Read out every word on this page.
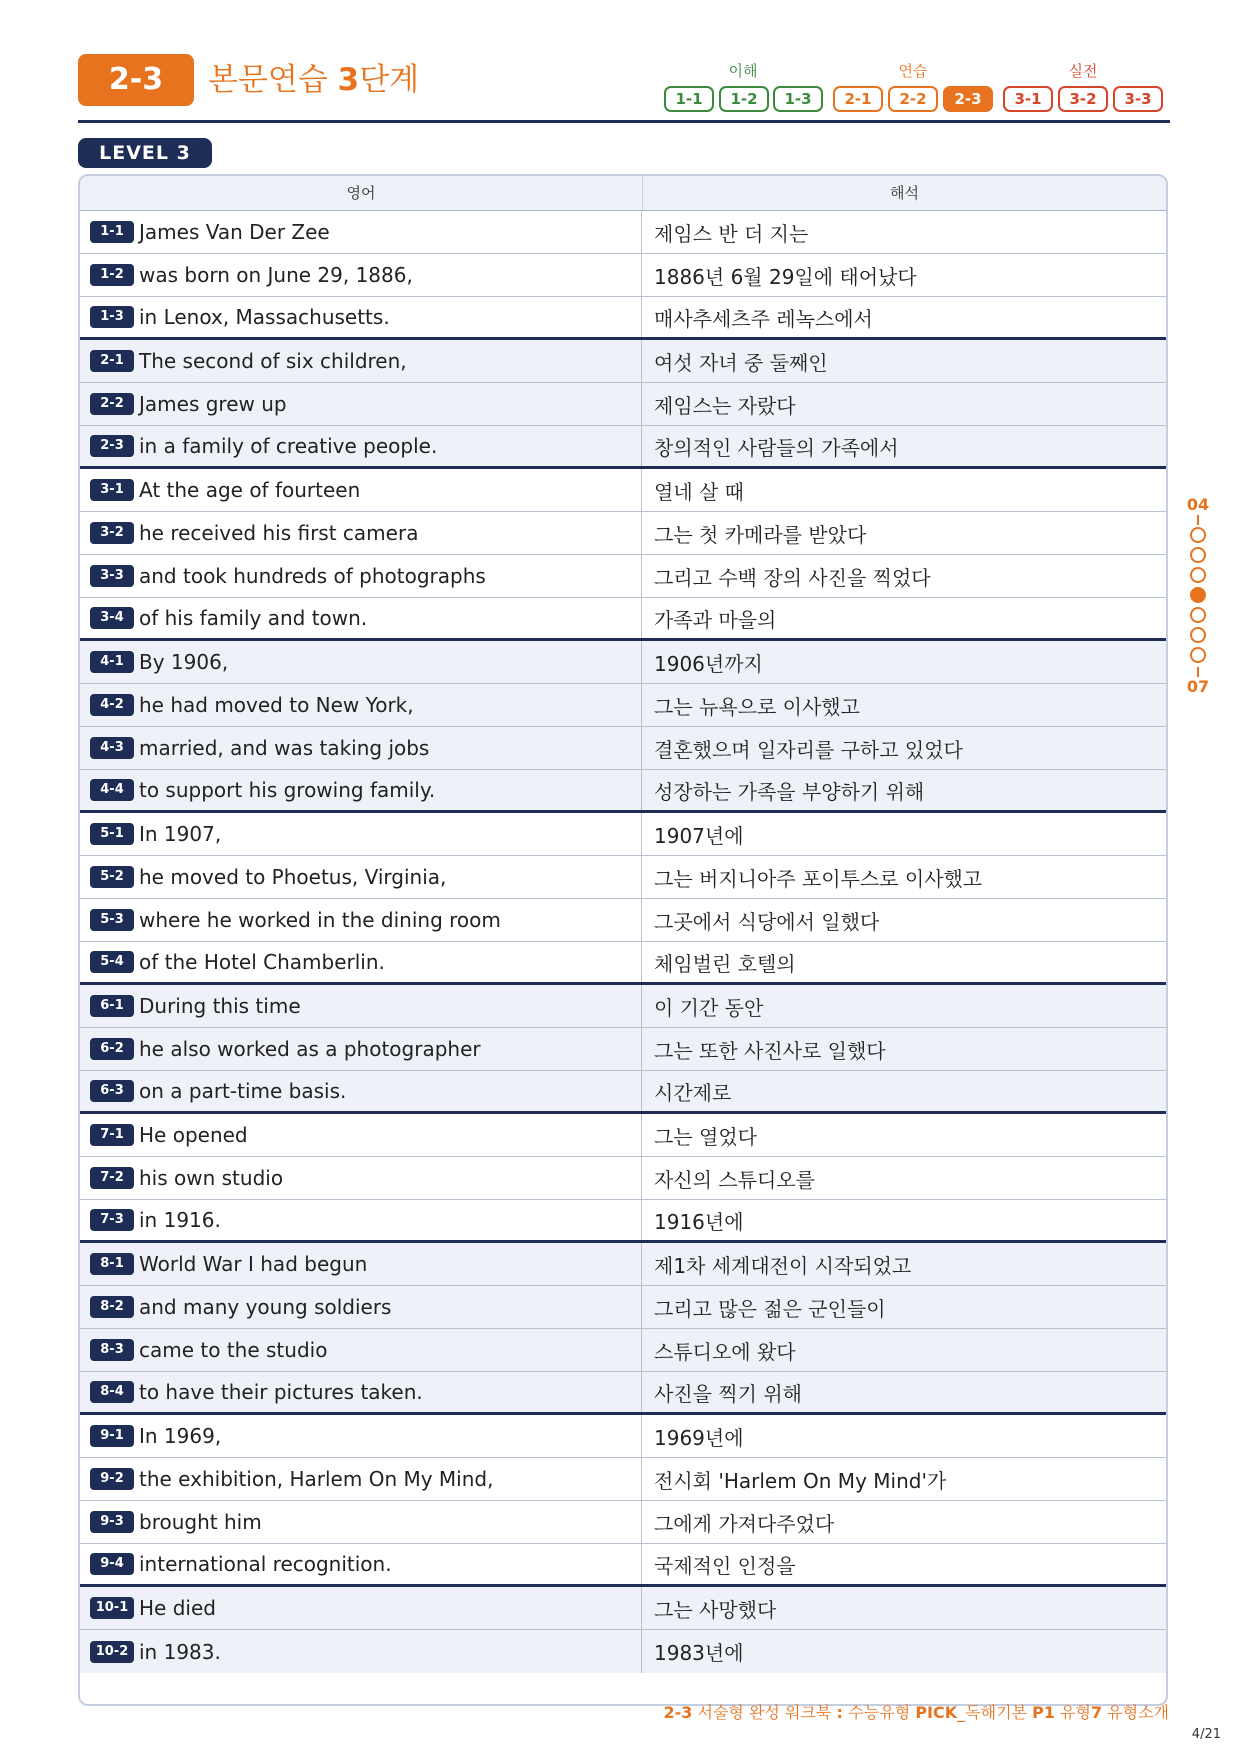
2-3	본문연습 3단계	이해	연습	실전
1-1	1-2	1-3	2-1	2-2	2-3	3-1	3-2	3-3
LEVEL 3
영어	해석
1-1 James Van Der Zee	제임스 반 더 지는
1-2 was born on June 29, 1886,	1886년 6월 29일에 태어났다
1-3 in Lenox, Massachusetts.	매사추세츠주 레녹스에서
2-1 The second of six children,	여섯 자녀 중 둘째인
2-2 James grew up	제임스는 자랐다
2-3 in a family of creative people.	창의적인 사람들의 가족에서
3-1 At the age of fourteen	열네 살 때
3-2 he received his first camera	그는 첫 카메라를 받았다
3-3 and took hundreds of photographs	그리고 수백 장의 사진을 찍었다
3-4 of his family and town.	가족과 마을의
4-1 By 1906,	1906년까지
4-2 he had moved to New York,	그는 뉴욕으로 이사했고
4-3 married, and was taking jobs	결혼했으며 일자리를 구하고 있었다
4-4 to support his growing family.	성장하는 가족을 부양하기 위해
5-1 In 1907,	1907년에
5-2 he moved to Phoetus, Virginia,	그는 버지니아주 포이투스로 이사했고
5-3 where he worked in the dining room	그곳에서 식당에서 일했다
5-4 of the Hotel Chamberlin.	체임벌린 호텔의
6-1 During this time	이 기간 동안
6-2 he also worked as a photographer	그는 또한 사진사로 일했다
6-3 on a part-time basis.	시간제로
7-1 He opened	그는 열었다
7-2 his own studio	자신의 스튜디오를
7-3 in 1916.	1916년에
8-1 World War I had begun	제1차 세계대전이 시작되었고
8-2 and many young soldiers	그리고 많은 젊은 군인들이
8-3 came to the studio	스튜디오에 왔다
8-4 to have their pictures taken.	사진을 찍기 위해
9-1 In 1969,	1969년에
9-2 the exhibition, Harlem On My Mind,	전시회 'Harlem On My Mind'가
9-3 brought him	그에게 가져다주었다
9-4 international recognition.	국제적인 인정을
10-1 He died	그는 사망했다
10-2 in 1983.	1983년에
04
07
2-3 서술형 완성 워크북 : 수능유형 PICK_독해기본 P1 유형7 유형소개
4/21
